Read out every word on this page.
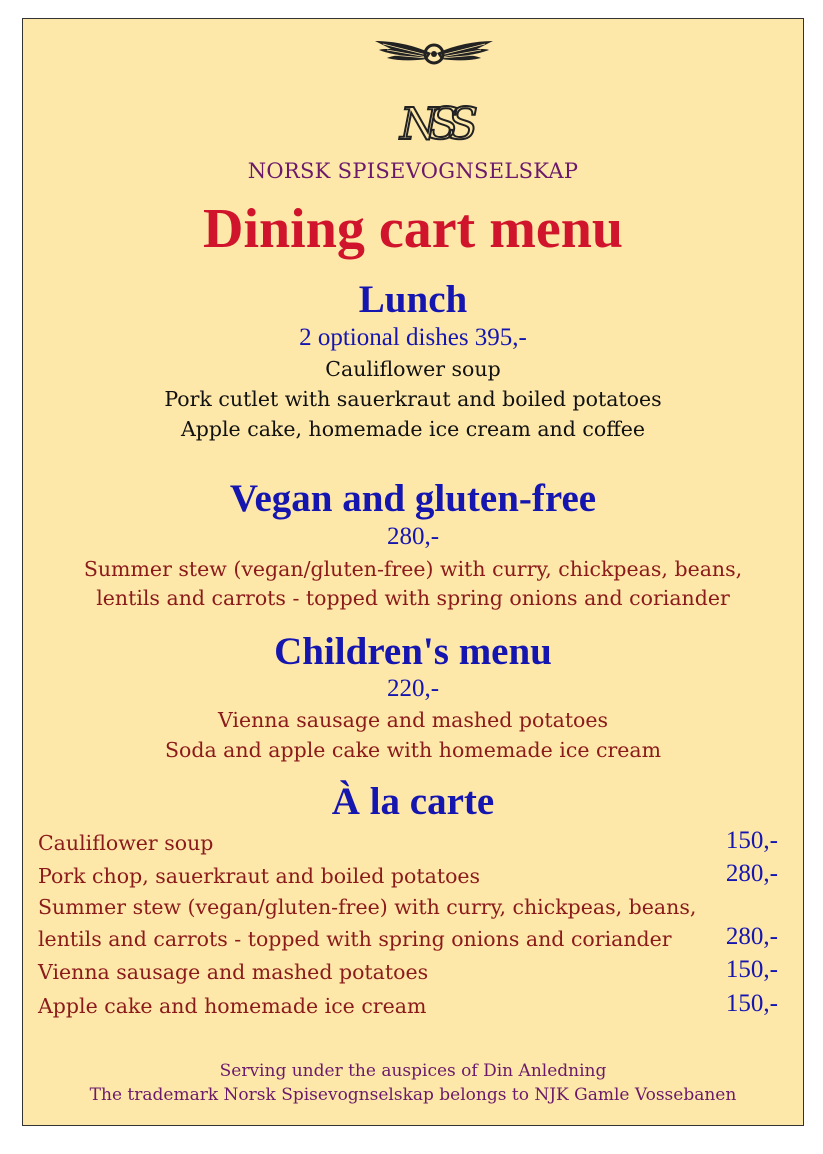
NSS
NORSK SPISEVOGNSELSKAP
Dining cart menu
Lunch
2 optional dishes 395,-
Cauliflower soup
Pork cutlet with sauerkraut and boiled potatoes
Apple cake, homemade ice cream and coffee
Vegan and gluten-free
280,-
Summer stew (vegan/gluten-free) with curry, chickpeas, beans,
lentils and carrots - topped with spring onions and coriander
Children's menu
220,-
Vienna sausage and mashed potatoes
Soda and apple cake with homemade ice cream
À la carte
Cauliflower soup	150,-
Pork chop, sauerkraut and boiled potatoes	280,-
Summer stew (vegan/gluten-free) with curry, chickpeas, beans,
lentils and carrots - topped with spring onions and coriander 280,-
Vienna sausage and mashed potatoes	150,-
Apple cake and homemade ice cream	150,-
Serving under the auspices of Din Anledning
The trademark Norsk Spisevognselskap belongs to NJK Gamle Vossebanen
